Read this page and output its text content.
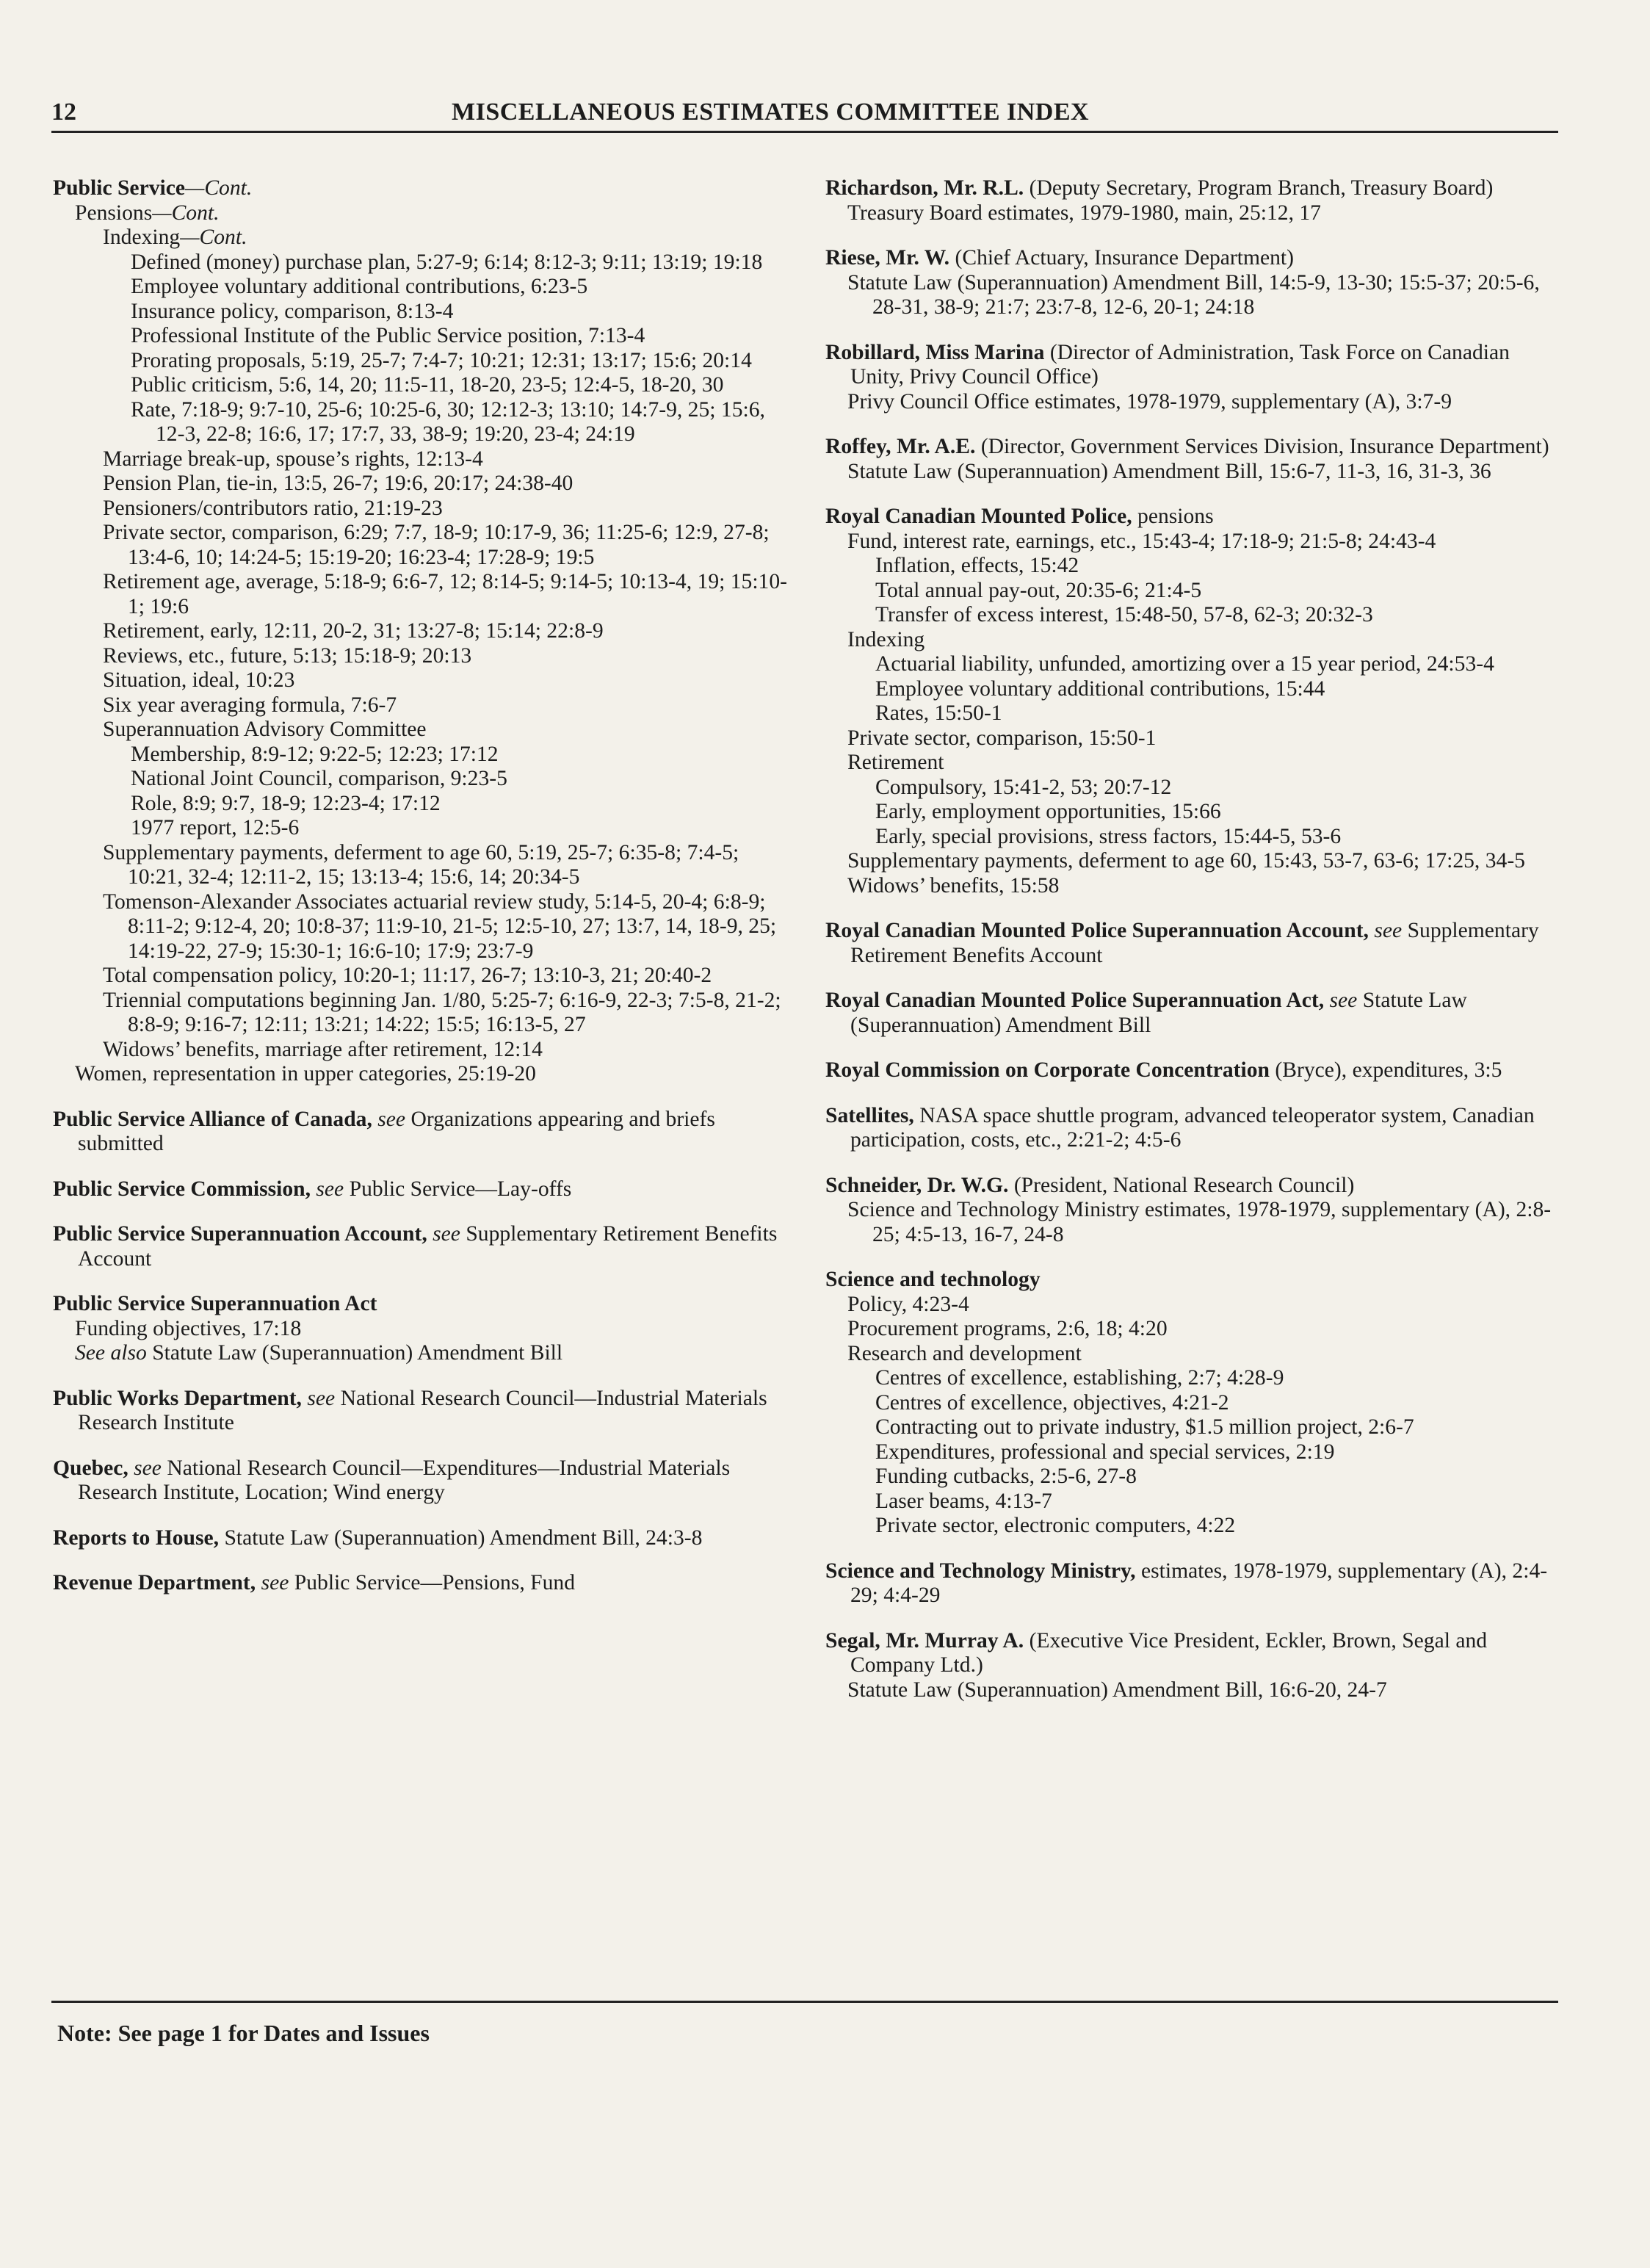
12	MISCELLANEOUS ESTIMATES COMMITTEE INDEX
Public Service—Cont.
Pensions—Cont.
Indexing—Cont.
Defined (money) purchase plan, 5:27-9; 6:14; 8:12-3; 9:11; 13:19; 19:18
Employee voluntary additional contributions, 6:23-5
Insurance policy, comparison, 8:13-4
Professional Institute of the Public Service position, 7:13-4
Prorating proposals, 5:19, 25-7; 7:4-7; 10:21; 12:31; 13:17; 15:6; 20:14
Public criticism, 5:6, 14, 20; 11:5-11, 18-20, 23-5; 12:4-5, 18-20, 30
Rate, 7:18-9; 9:7-10, 25-6; 10:25-6, 30; 12:12-3; 13:10; 14:7-9, 25; 15:6, 12-3, 22-8; 16:6, 17; 17:7, 33, 38-9; 19:20, 23-4; 24:19
Marriage break-up, spouse’s rights, 12:13-4
Pension Plan, tie-in, 13:5, 26-7; 19:6, 20:17; 24:38-40
Pensioners/contributors ratio, 21:19-23
Private sector, comparison, 6:29; 7:7, 18-9; 10:17-9, 36; 11:25-6; 12:9, 27-8; 13:4-6, 10; 14:24-5; 15:19-20; 16:23-4; 17:28-9; 19:5
Retirement age, average, 5:18-9; 6:6-7, 12; 8:14-5; 9:14-5; 10:13-4, 19; 15:10-1; 19:6
Retirement, early, 12:11, 20-2, 31; 13:27-8; 15:14; 22:8-9
Reviews, etc., future, 5:13; 15:18-9; 20:13
Situation, ideal, 10:23
Six year averaging formula, 7:6-7
Superannuation Advisory Committee
Membership, 8:9-12; 9:22-5; 12:23; 17:12
National Joint Council, comparison, 9:23-5
Role, 8:9; 9:7, 18-9; 12:23-4; 17:12
1977 report, 12:5-6
Supplementary payments, deferment to age 60, 5:19, 25-7; 6:35-8; 7:4-5; 10:21, 32-4; 12:11-2, 15; 13:13-4; 15:6, 14; 20:34-5
Tomenson-Alexander Associates actuarial review study, 5:14-5, 20-4; 6:8-9; 8:11-2; 9:12-4, 20; 10:8-37; 11:9-10, 21-5; 12:5-10, 27; 13:7, 14, 18-9, 25; 14:19-22, 27-9; 15:30-1; 16:6-10; 17:9; 23:7-9
Total compensation policy, 10:20-1; 11:17, 26-7; 13:10-3, 21; 20:40-2
Triennial computations beginning Jan. 1/80, 5:25-7; 6:16-9, 22-3; 7:5-8, 21-2; 8:8-9; 9:16-7; 12:11; 13:21; 14:22; 15:5; 16:13-5, 27
Widows’ benefits, marriage after retirement, 12:14
Women, representation in upper categories, 25:19-20
Public Service Alliance of Canada, see Organizations appearing and briefs submitted
Public Service Commission, see Public Service—Lay-offs
Public Service Superannuation Account, see Supplementary Retirement Benefits Account
Public Service Superannuation Act
Funding objectives, 17:18
See also Statute Law (Superannuation) Amendment Bill
Public Works Department, see National Research Council—Industrial Materials Research Institute
Quebec, see National Research Council—Expenditures—Industrial Materials Research Institute, Location; Wind energy
Reports to House, Statute Law (Superannuation) Amendment Bill, 24:3-8
Revenue Department, see Public Service—Pensions, Fund
Richardson, Mr. R.L. (Deputy Secretary, Program Branch, Treasury Board)
Treasury Board estimates, 1979-1980, main, 25:12, 17
Riese, Mr. W. (Chief Actuary, Insurance Department)
Statute Law (Superannuation) Amendment Bill, 14:5-9, 13-30; 15:5-37; 20:5-6, 28-31, 38-9; 21:7; 23:7-8, 12-6, 20-1; 24:18
Robillard, Miss Marina (Director of Administration, Task Force on Canadian Unity, Privy Council Office)
Privy Council Office estimates, 1978-1979, supplementary (A), 3:7-9
Roffey, Mr. A.E. (Director, Government Services Division, Insurance Department)
Statute Law (Superannuation) Amendment Bill, 15:6-7, 11-3, 16, 31-3, 36
Royal Canadian Mounted Police, pensions
Fund, interest rate, earnings, etc., 15:43-4; 17:18-9; 21:5-8; 24:43-4
Inflation, effects, 15:42
Total annual pay-out, 20:35-6; 21:4-5
Transfer of excess interest, 15:48-50, 57-8, 62-3; 20:32-3
Indexing
Actuarial liability, unfunded, amortizing over a 15 year period, 24:53-4
Employee voluntary additional contributions, 15:44
Rates, 15:50-1
Private sector, comparison, 15:50-1
Retirement
Compulsory, 15:41-2, 53; 20:7-12
Early, employment opportunities, 15:66
Early, special provisions, stress factors, 15:44-5, 53-6
Supplementary payments, deferment to age 60, 15:43, 53-7, 63-6; 17:25, 34-5
Widows’ benefits, 15:58
Royal Canadian Mounted Police Superannuation Account, see Supplementary Retirement Benefits Account
Royal Canadian Mounted Police Superannuation Act, see Statute Law (Superannuation) Amendment Bill
Royal Commission on Corporate Concentration (Bryce), expenditures, 3:5
Satellites, NASA space shuttle program, advanced teleoperator system, Canadian participation, costs, etc., 2:21-2; 4:5-6
Schneider, Dr. W.G. (President, National Research Council)
Science and Technology Ministry estimates, 1978-1979, supplementary (A), 2:8-25; 4:5-13, 16-7, 24-8
Science and technology
Policy, 4:23-4
Procurement programs, 2:6, 18; 4:20
Research and development
Centres of excellence, establishing, 2:7; 4:28-9
Centres of excellence, objectives, 4:21-2
Contracting out to private industry, $1.5 million project, 2:6-7
Expenditures, professional and special services, 2:19
Funding cutbacks, 2:5-6, 27-8
Laser beams, 4:13-7
Private sector, electronic computers, 4:22
Science and Technology Ministry, estimates, 1978-1979, supplementary (A), 2:4-29; 4:4-29
Segal, Mr. Murray A. (Executive Vice President, Eckler, Brown, Segal and Company Ltd.)
Statute Law (Superannuation) Amendment Bill, 16:6-20, 24-7
Note: See page 1 for Dates and Issues
